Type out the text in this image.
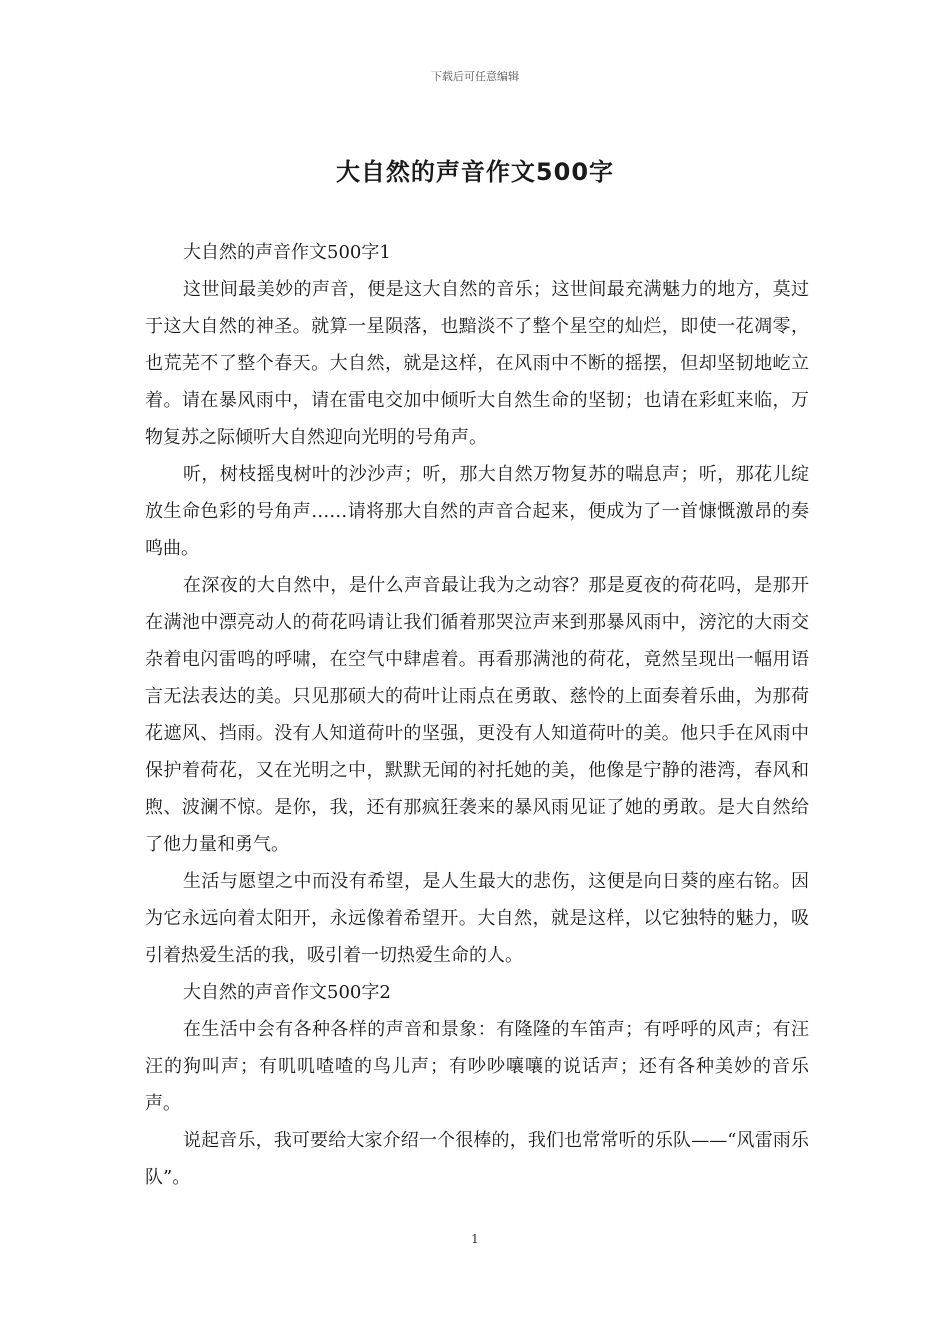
下载后可任意编辑
大自然的声音作文500字

大自然的声音作文500字1

这世间最美妙的声音，便是这大自然的音乐；这世间最充满魅力的地方，莫过于这大自然的神圣。就算一星陨落，也黯淡不了整个星空的灿烂，即使一花凋零，也荒芜不了整个春天。大自然，就是这样，在风雨中不断的摇摆，但却坚韧地屹立着。请在暴风雨中，请在雷电交加中倾听大自然生命的坚韧；也请在彩虹来临，万物复苏之际倾听大自然迎向光明的号角声。

听，树枝摇曳树叶的沙沙声；听，那大自然万物复苏的喘息声；听，那花儿绽放生命色彩的号角声……请将那大自然的声音合起来，便成为了一首慷慨激昂的奏鸣曲。

在深夜的大自然中，是什么声音最让我为之动容？那是夏夜的荷花吗，是那开在满池中漂亮动人的荷花吗请让我们循着那哭泣声来到那暴风雨中，滂沱的大雨交杂着电闪雷鸣的呼啸，在空气中肆虐着。再看那满池的荷花，竟然呈现出一幅用语言无法表达的美。只见那硕大的荷叶让雨点在勇敢、慈怜的上面奏着乐曲，为那荷花遮风、挡雨。没有人知道荷叶的坚强，更没有人知道荷叶的美。他只手在风雨中保护着荷花，又在光明之中，默默无闻的衬托她的美，他像是宁静的港湾，春风和煦、波澜不惊。是你，我，还有那疯狂袭来的暴风雨见证了她的勇敢。是大自然给了他力量和勇气。

生活与愿望之中而没有希望，是人生最大的悲伤，这便是向日葵的座右铭。因为它永远向着太阳开，永远像着希望开。大自然，就是这样，以它独特的魅力，吸引着热爱生活的我，吸引着一切热爱生命的人。

大自然的声音作文500字2

在生活中会有各种各样的声音和景象：有隆隆的车笛声；有呼呼的风声；有汪汪的狗叫声；有叽叽喳喳的鸟儿声；有吵吵嚷嚷的说话声；还有各种美妙的音乐声。

说起音乐，我可要给大家介绍一个很棒的，我们也常常听的乐队——“风雷雨乐队”。

1
